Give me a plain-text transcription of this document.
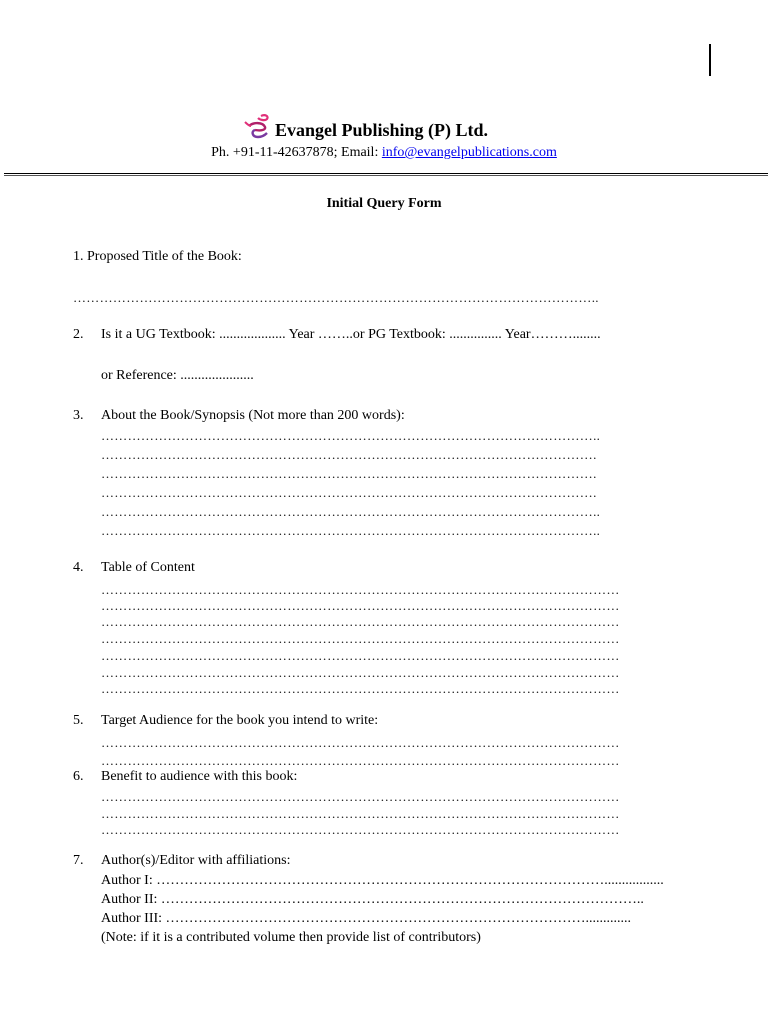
Evangel Publishing (P) Ltd.
Ph. +91-11-42637878; Email: info@evangelpublications.com
Initial Query Form
1. Proposed Title of the Book:
………………………………………………………………………………………………………..
2. Is it a UG Textbook: ................... Year ……..or PG Textbook: ............... Year………........
or Reference: .....................
3. About the Book/Synopsis (Not more than 200 words):
…………………………………………………………………………………………………..
………………………………………………………………………………………………….
………………………………………………………………………………………………….
………………………………………………………………………………………………….
…………………………………………………………………………………………………..
…………………………………………………………………………………………………..
4. Table of Content
………………………………………………………………………………………………………
………………………………………………………………………………………………………
………………………………………………………………………………………………………
………………………………………………………………………………………………………
………………………………………………………………………………………………………
………………………………………………………………………………………………………
………………………………………………………………………………………………………
5. Target Audience for the book you intend to write:
………………………………………………………………………………………………………
………………………………………………………………………………………………………
6. Benefit to audience with this book:
………………………………………………………………………………………………………
………………………………………………………………………………………………………
………………………………………………………………………………………………………
7. Author(s)/Editor with affiliations:
Author I: …………………………………………………………………………………….................
Author II: …………………………………………………………………………………………..
Author III: ……………………………………………………………………………….............
(Note: if it is a contributed volume then provide list of contributors)
